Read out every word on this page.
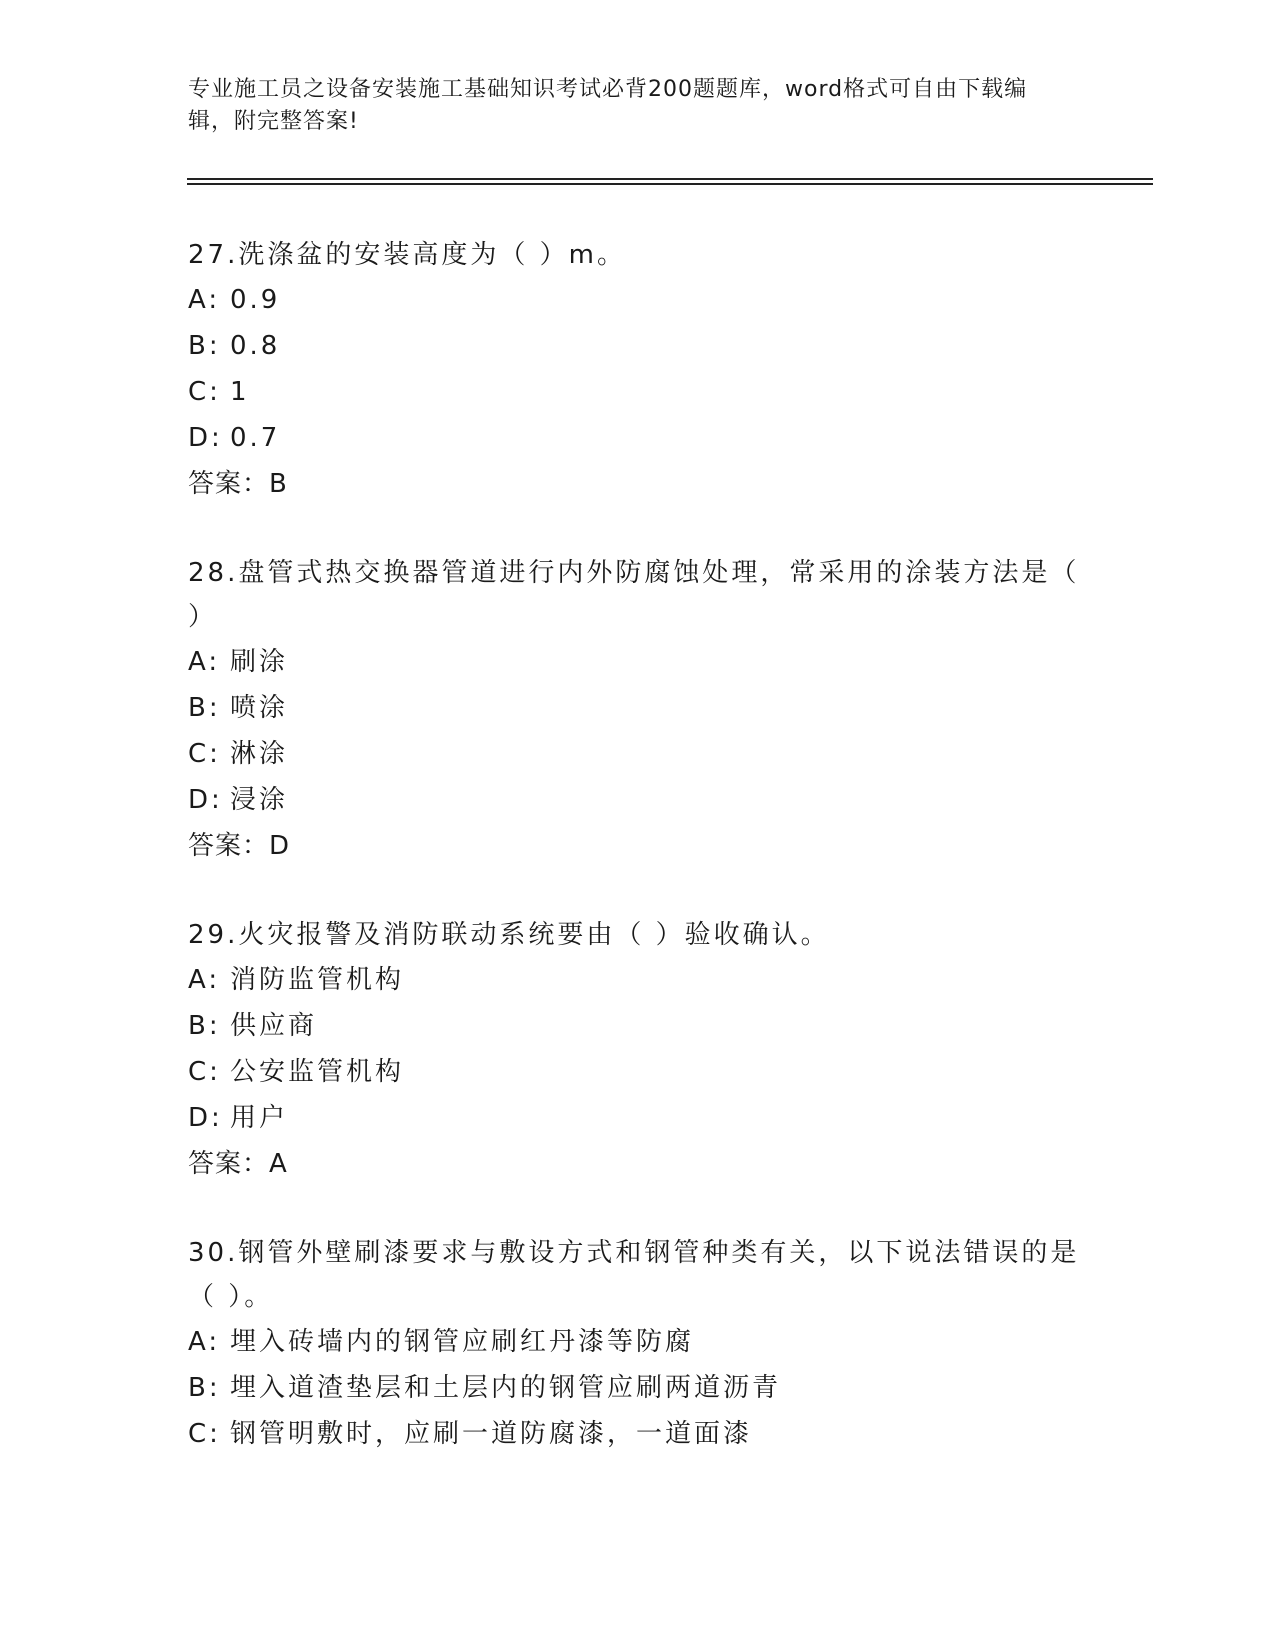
专业施工员之设备安装施工基础知识考试必背200题题库，word格式可自由下载编辑，附完整答案!

27.洗涤盆的安装高度为（ ）m。

A: 0.9
B: 0.8
C: 1
D: 0.7
答案：B

28.盘管式热交换器管道进行内外防腐蚀处理，常采用的涂装方法是（ ）

A: 刷涂
B: 喷涂
C: 淋涂
D: 浸涂
答案：D

29.火灾报警及消防联动系统要由（ ）验收确认。

A: 消防监管机构
B: 供应商
C: 公安监管机构
D: 用户
答案：A

30.钢管外壁刷漆要求与敷设方式和钢管种类有关，以下说法错误的是（ ）。

A: 埋入砖墙内的钢管应刷红丹漆等防腐
B: 埋入道渣垫层和土层内的钢管应刷两道沥青
C: 钢管明敷时，应刷一道防腐漆，一道面漆
